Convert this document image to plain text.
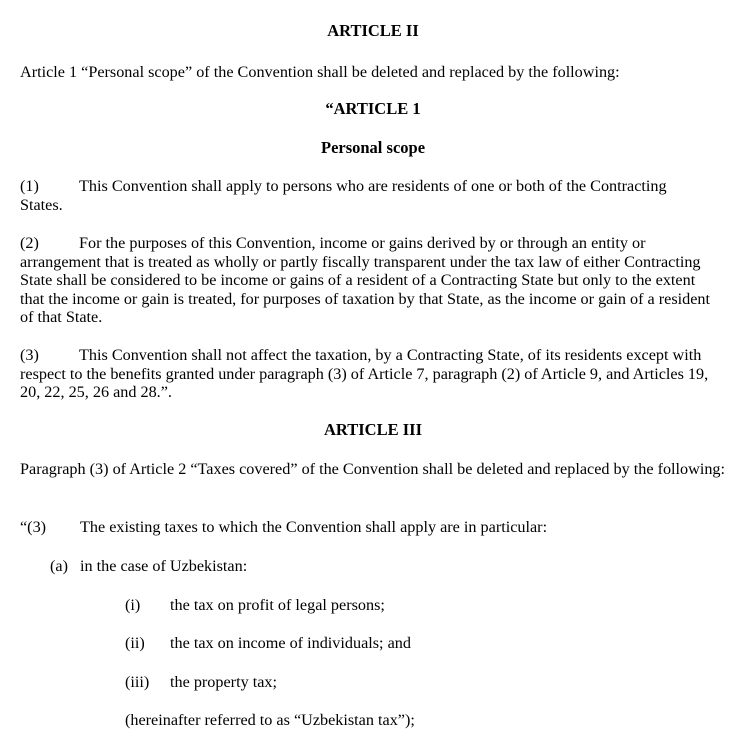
ARTICLE II
Article 1 “Personal scope” of the Convention shall be deleted and replaced by the following:
“ARTICLE 1
Personal scope
(1) This Convention shall apply to persons who are residents of one or both of the Contracting States.
(2) For the purposes of this Convention, income or gains derived by or through an entity or arrangement that is treated as wholly or partly fiscally transparent under the tax law of either Contracting State shall be considered to be income or gains of a resident of a Contracting State but only to the extent that the income or gain is treated, for purposes of taxation by that State, as the income or gain of a resident of that State.
(3) This Convention shall not affect the taxation, by a Contracting State, of its residents except with respect to the benefits granted under paragraph (3) of Article 7, paragraph (2) of Article 9, and Articles 19, 20, 22, 25, 26 and 28.”.
ARTICLE III
Paragraph (3) of Article 2 “Taxes covered” of the Convention shall be deleted and replaced by the following:
“(3) The existing taxes to which the Convention shall apply are in particular:
(a) in the case of Uzbekistan:
(i) the tax on profit of legal persons;
(ii) the tax on income of individuals; and
(iii) the property tax;
(hereinafter referred to as “Uzbekistan tax”);
